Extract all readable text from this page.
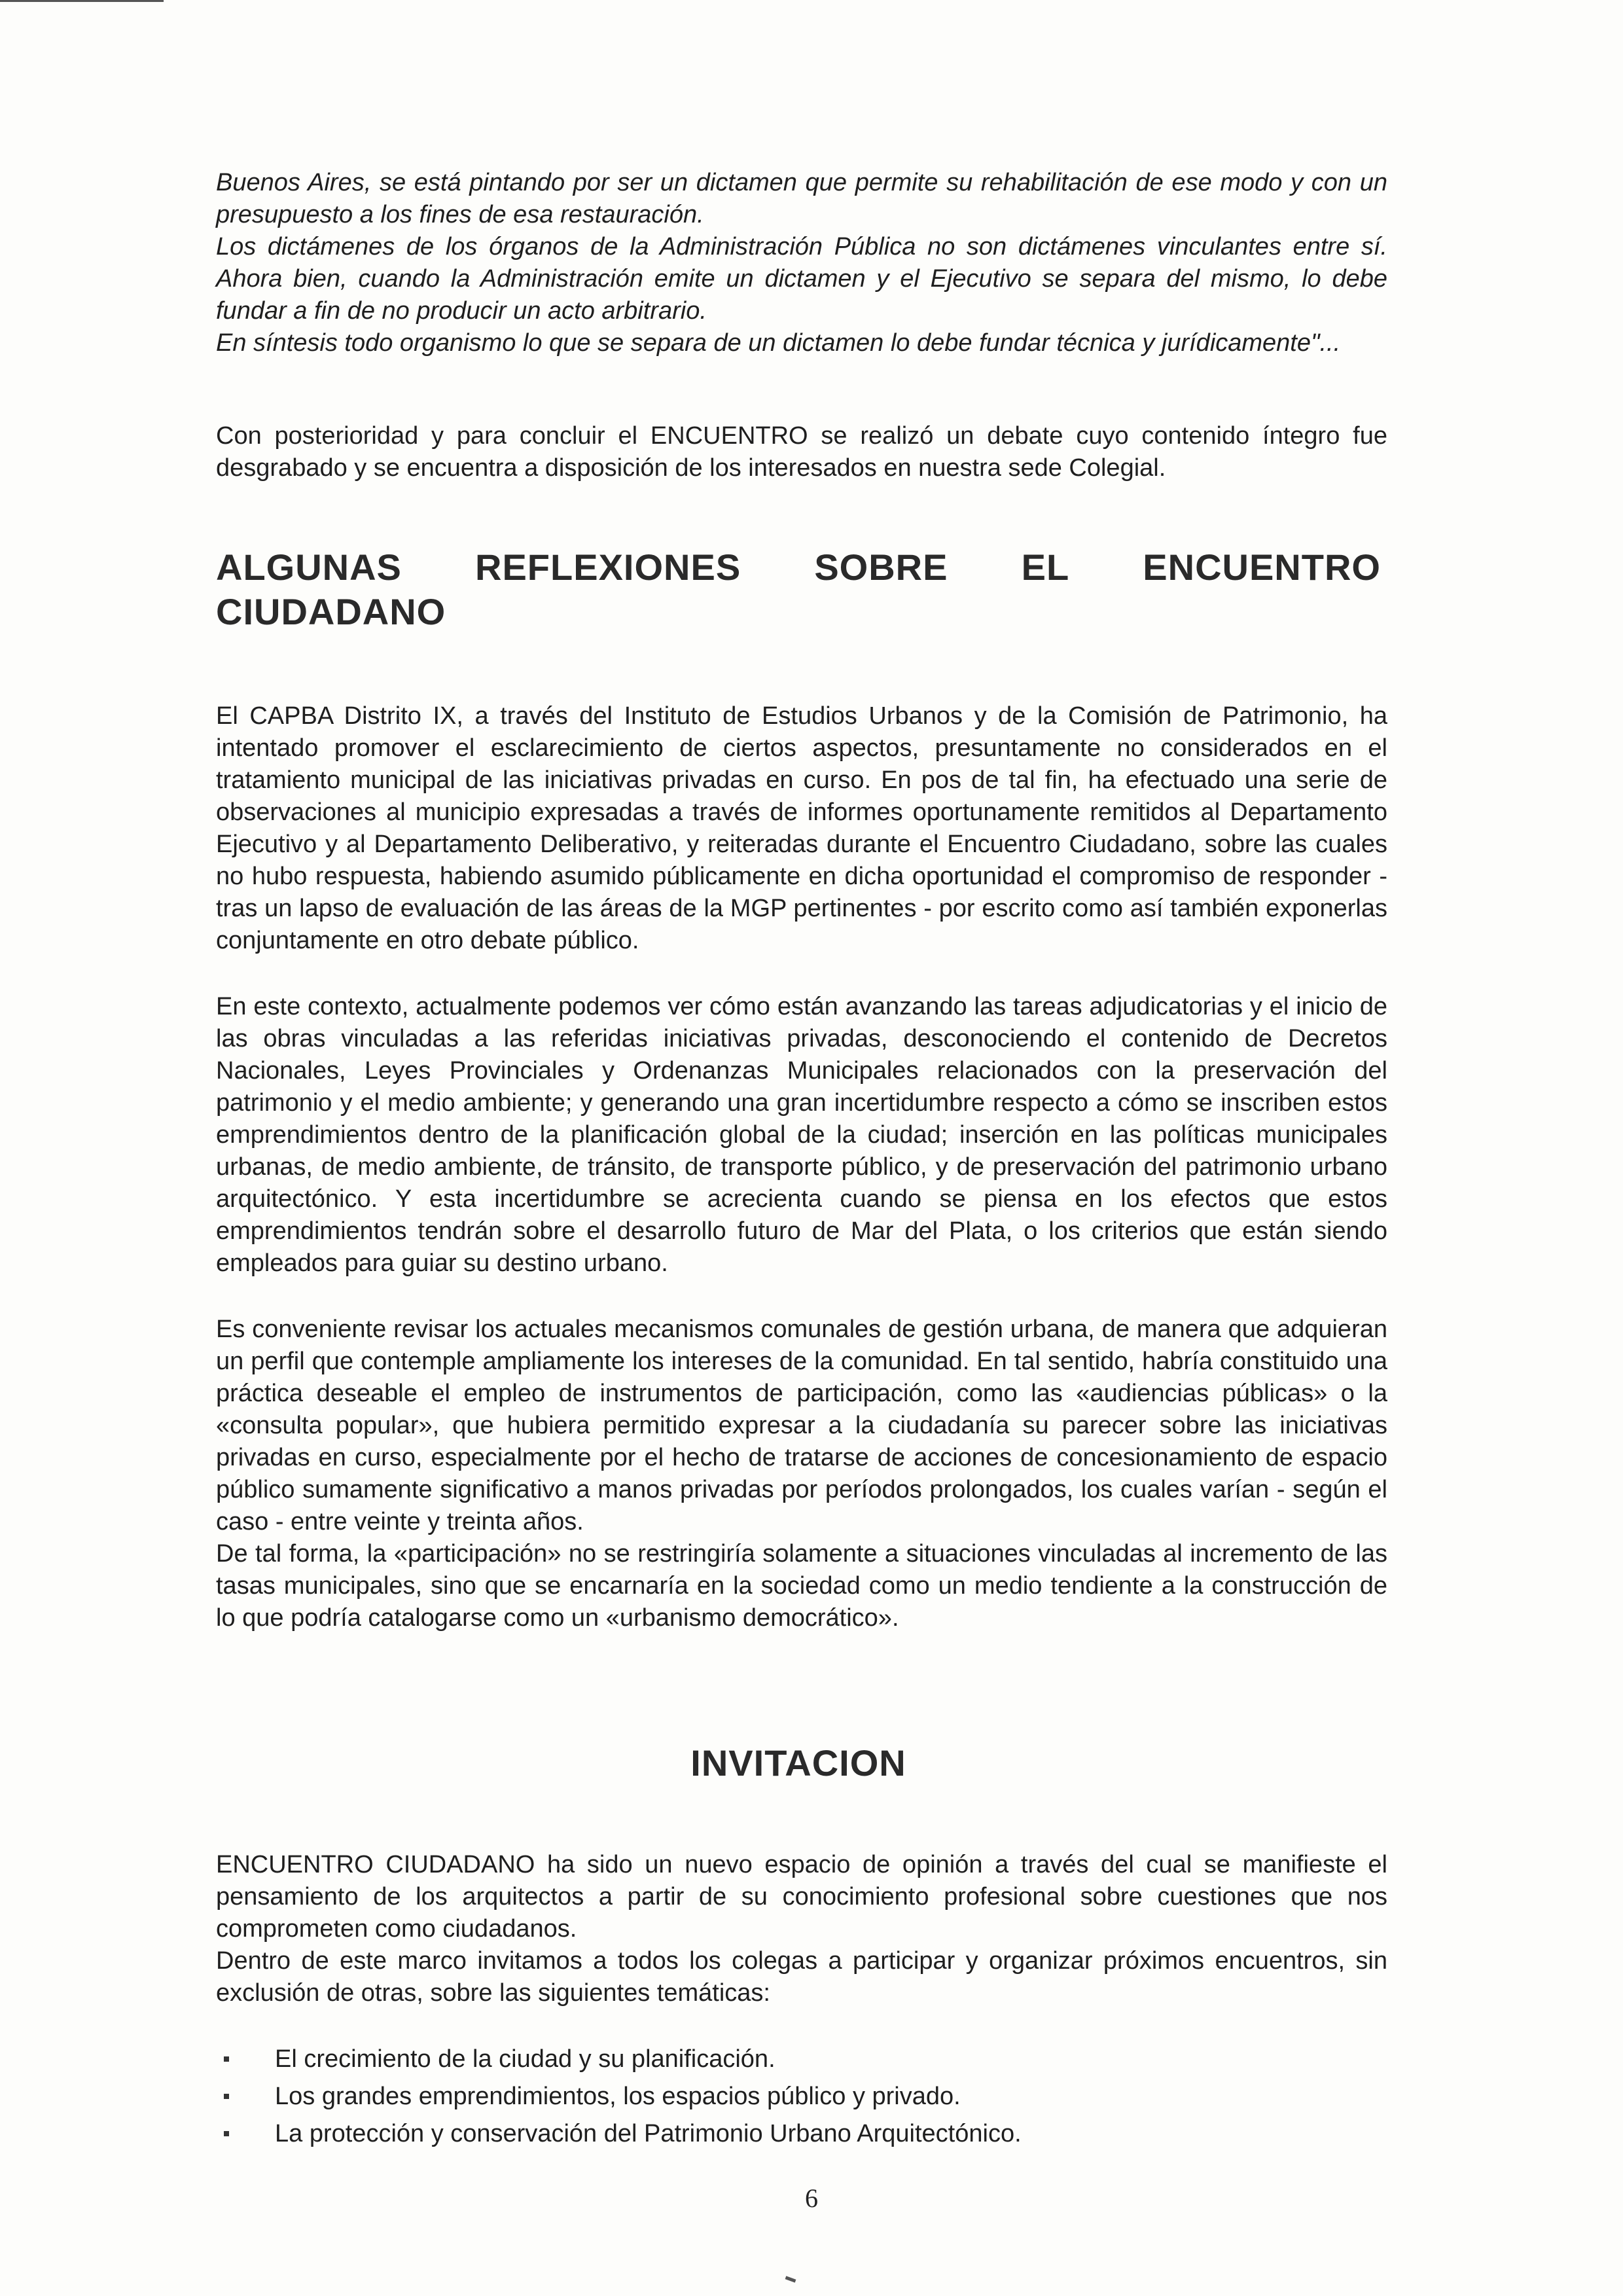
Buenos Aires, se está pintando por ser un dictamen que permite su rehabilitación de ese modo y con un presupuesto a los fines de esa restauración.

Los dictámenes de los órganos de la Administración Pública no son dictámenes vinculantes entre sí. Ahora bien, cuando la Administración emite un dictamen y el Ejecutivo se separa del mismo, lo debe fundar a fin de no producir un acto arbitrario.

En síntesis todo organismo lo que se separa de un dictamen lo debe fundar técnica y jurídicamente"...

Con posterioridad y para concluir el ENCUENTRO se realizó un debate cuyo contenido íntegro fue desgrabado y se encuentra a disposición de los interesados en nuestra sede Colegial.

ALGUNAS REFLEXIONES SOBRE EL ENCUENTRO
CIUDADANO

El CAPBA Distrito IX, a través del Instituto de Estudios Urbanos y de la Comisión de Patrimonio, ha intentado promover el esclarecimiento de ciertos aspectos, presuntamente no considerados en el tratamiento municipal de las iniciativas privadas en curso. En pos de tal fin, ha efectuado una serie de observaciones al municipio expresadas a través de informes oportunamente remitidos al Departamento Ejecutivo y al Departamento Deliberativo, y reiteradas durante el Encuentro Ciudadano, sobre las cuales no hubo respuesta, habiendo asumido públicamente en dicha oportunidad el compromiso de responder - tras un lapso de evaluación de las áreas de la MGP pertinentes - por escrito como así también exponerlas conjuntamente en otro debate público.

En este contexto, actualmente podemos ver cómo están avanzando las tareas adjudicatorias y el inicio de las obras vinculadas a las referidas iniciativas privadas, desconociendo el contenido de Decretos Nacionales, Leyes Provinciales y Ordenanzas Municipales relacionados con la preservación del patrimonio y el medio ambiente; y generando una gran incertidumbre respecto a cómo se inscriben estos emprendimientos dentro de la planificación global de la ciudad; inserción en las políticas municipales urbanas, de medio ambiente, de tránsito, de transporte público, y de preservación del patrimonio urbano arquitectónico. Y esta incertidumbre se acrecienta cuando se piensa en los efectos que estos emprendimientos tendrán sobre el desarrollo futuro de Mar del Plata, o los criterios que están siendo empleados para guiar su destino urbano.

Es conveniente revisar los actuales mecanismos comunales de gestión urbana, de manera que adquieran un perfil que contemple ampliamente los intereses de la comunidad. En tal sentido, habría constituido una práctica deseable el empleo de instrumentos de participación, como las «audiencias públicas» o la «consulta popular», que hubiera permitido expresar a la ciudadanía su parecer sobre las iniciativas privadas en curso, especialmente por el hecho de tratarse de acciones de concesionamiento de espacio público sumamente significativo a manos privadas por períodos prolongados, los cuales varían - según el caso - entre veinte y treinta años.

De tal forma, la «participación» no se restringiría solamente a situaciones vinculadas al incremento de las tasas municipales, sino que se encarnaría en la sociedad como un medio tendiente a la construcción de lo que podría catalogarse como un «urbanismo democrático».

INVITACION

ENCUENTRO CIUDADANO ha sido un nuevo espacio de opinión a través del cual se manifieste el pensamiento de los arquitectos a partir de su conocimiento profesional sobre cuestiones que nos comprometen como ciudadanos.

Dentro de este marco invitamos a todos los colegas a participar y organizar próximos encuentros, sin exclusión de otras, sobre las siguientes temáticas:

El crecimiento de la ciudad y su planificación.
Los grandes emprendimientos, los espacios público y privado.
La protección y conservación del Patrimonio Urbano Arquitectónico.
6
